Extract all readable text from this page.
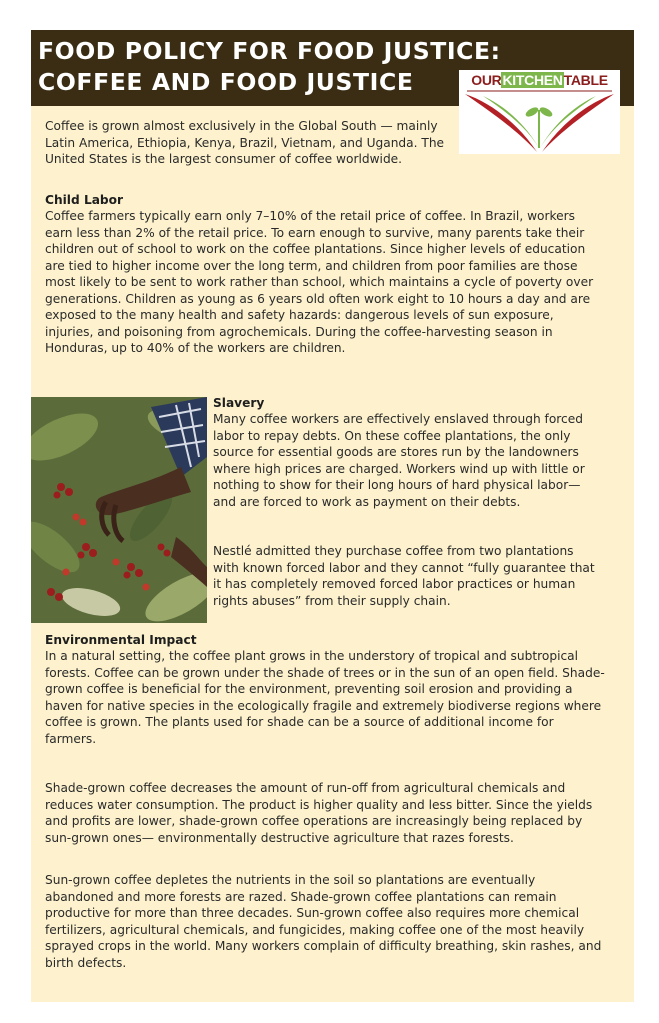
FOOD POLICY FOR FOOD JUSTICE:
COFFEE AND FOOD JUSTICE	OURKITCHENTABLE

Coffee is grown almost exclusively in the Global South — mainly Latin America, Ethiopia, Kenya, Brazil, Vietnam, and Uganda. The United States is the largest consumer of coffee worldwide.

Child Labor

Coffee farmers typically earn only 7–10% of the retail price of coffee. In Brazil, workers earn less than 2% of the retail price. To earn enough to survive, many parents take their children out of school to work on the coffee plantations. Since higher levels of education are tied to higher income over the long term, and children from poor families are those most likely to be sent to work rather than school, which maintains a cycle of poverty over generations. Children as young as 6 years old often work eight to 10 hours a day and are exposed to the many health and safety hazards: dangerous levels of sun exposure, injuries, and poisoning from agrochemicals. During the coffee-harvesting season in Honduras, up to 40% of the workers are children.

Slavery

Many coffee workers are effectively enslaved through forced labor to repay debts. On these coffee plantations, the only source for essential goods are stores run by the landowners where high prices are charged. Workers wind up with little or nothing to show for their long hours of hard physical labor—and are forced to work as payment on their debts.

Nestlé admitted they purchase coffee from two plantations with known forced labor and they cannot “fully guarantee that it has completely removed forced labor practices or human rights abuses” from their supply chain.

Environmental Impact

In a natural setting, the coffee plant grows in the understory of tropical and subtropical forests. Coffee can be grown under the shade of trees or in the sun of an open field. Shade-grown coffee is beneficial for the environment, preventing soil erosion and providing a haven for native species in the ecologically fragile and extremely biodiverse regions where coffee is grown. The plants used for shade can be a source of additional income for farmers.

Shade-grown coffee decreases the amount of run-off from agricultural chemicals and reduces water consumption. The product is higher quality and less bitter. Since the yields and profits are lower, shade-grown coffee operations are increasingly being replaced by sun-grown ones— environmentally destructive agriculture that razes forests.

Sun-grown coffee depletes the nutrients in the soil so plantations are eventually abandoned and more forests are razed. Shade-grown coffee plantations can remain productive for more than three decades. Sun-grown coffee also requires more chemical fertilizers, agricultural chemicals, and fungicides, making coffee one of the most heavily sprayed crops in the world. Many workers complain of difficulty breathing, skin rashes, and birth defects.
